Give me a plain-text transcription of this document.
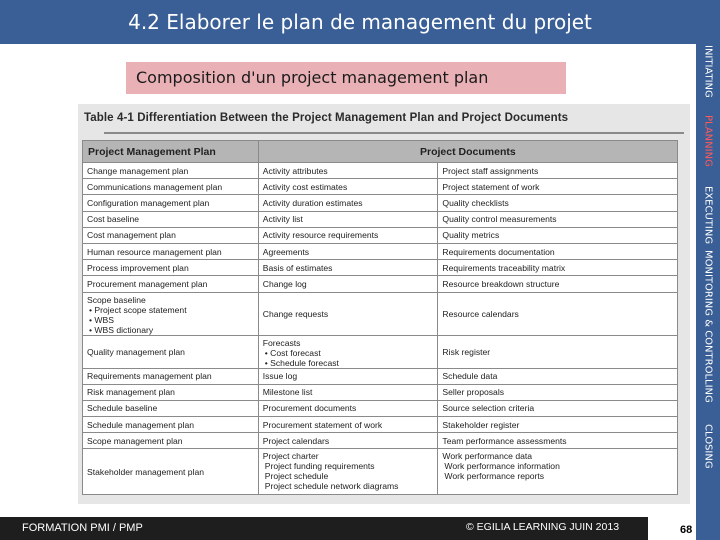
4.2 Elaborer le plan de management du projet
INITIATING
PLANNING
EXECUTING
MONITORING & CONTROLLING
CLOSING
Composition d'un project management plan
Table 4-1 Differentiation Between the Project Management Plan and Project Documents
Project Management Plan	Project Documents	

Change management plan	Activity attributes	Project staff assignments

Communications management plan	Activity cost estimates	Project statement of work

Configuration management plan	Activity duration estimates	Quality checklists

Cost baseline	Activity list	Quality control measurements

Cost management plan	Activity resource requirements	Quality metrics

Human resource management plan	Agreements	Requirements documentation

Process improvement plan	Basis of estimates	Requirements traceability matrix

Procurement management plan	Change log	Resource breakdown structure

Scope baseline
• Project scope statement
• WBS
• WBS dictionary	Change requests	Resource calendars

Quality management plan	Forecasts
• Cost forecast
• Schedule forecast	Risk register

Requirements management plan	Issue log	Schedule data

Risk management plan	Milestone list	Seller proposals

Schedule baseline	Procurement documents	Source selection criteria

Schedule management plan	Procurement statement of work	Stakeholder register

Scope management plan	Project calendars	Team performance assessments

Stakeholder management plan	Project charter
Project funding requirements
Project schedule
Project schedule network diagrams	Work performance data
Work performance information
Work performance reports
FORMATION PMI / PMP	© EGILIA LEARNING JUIN 2013	68
